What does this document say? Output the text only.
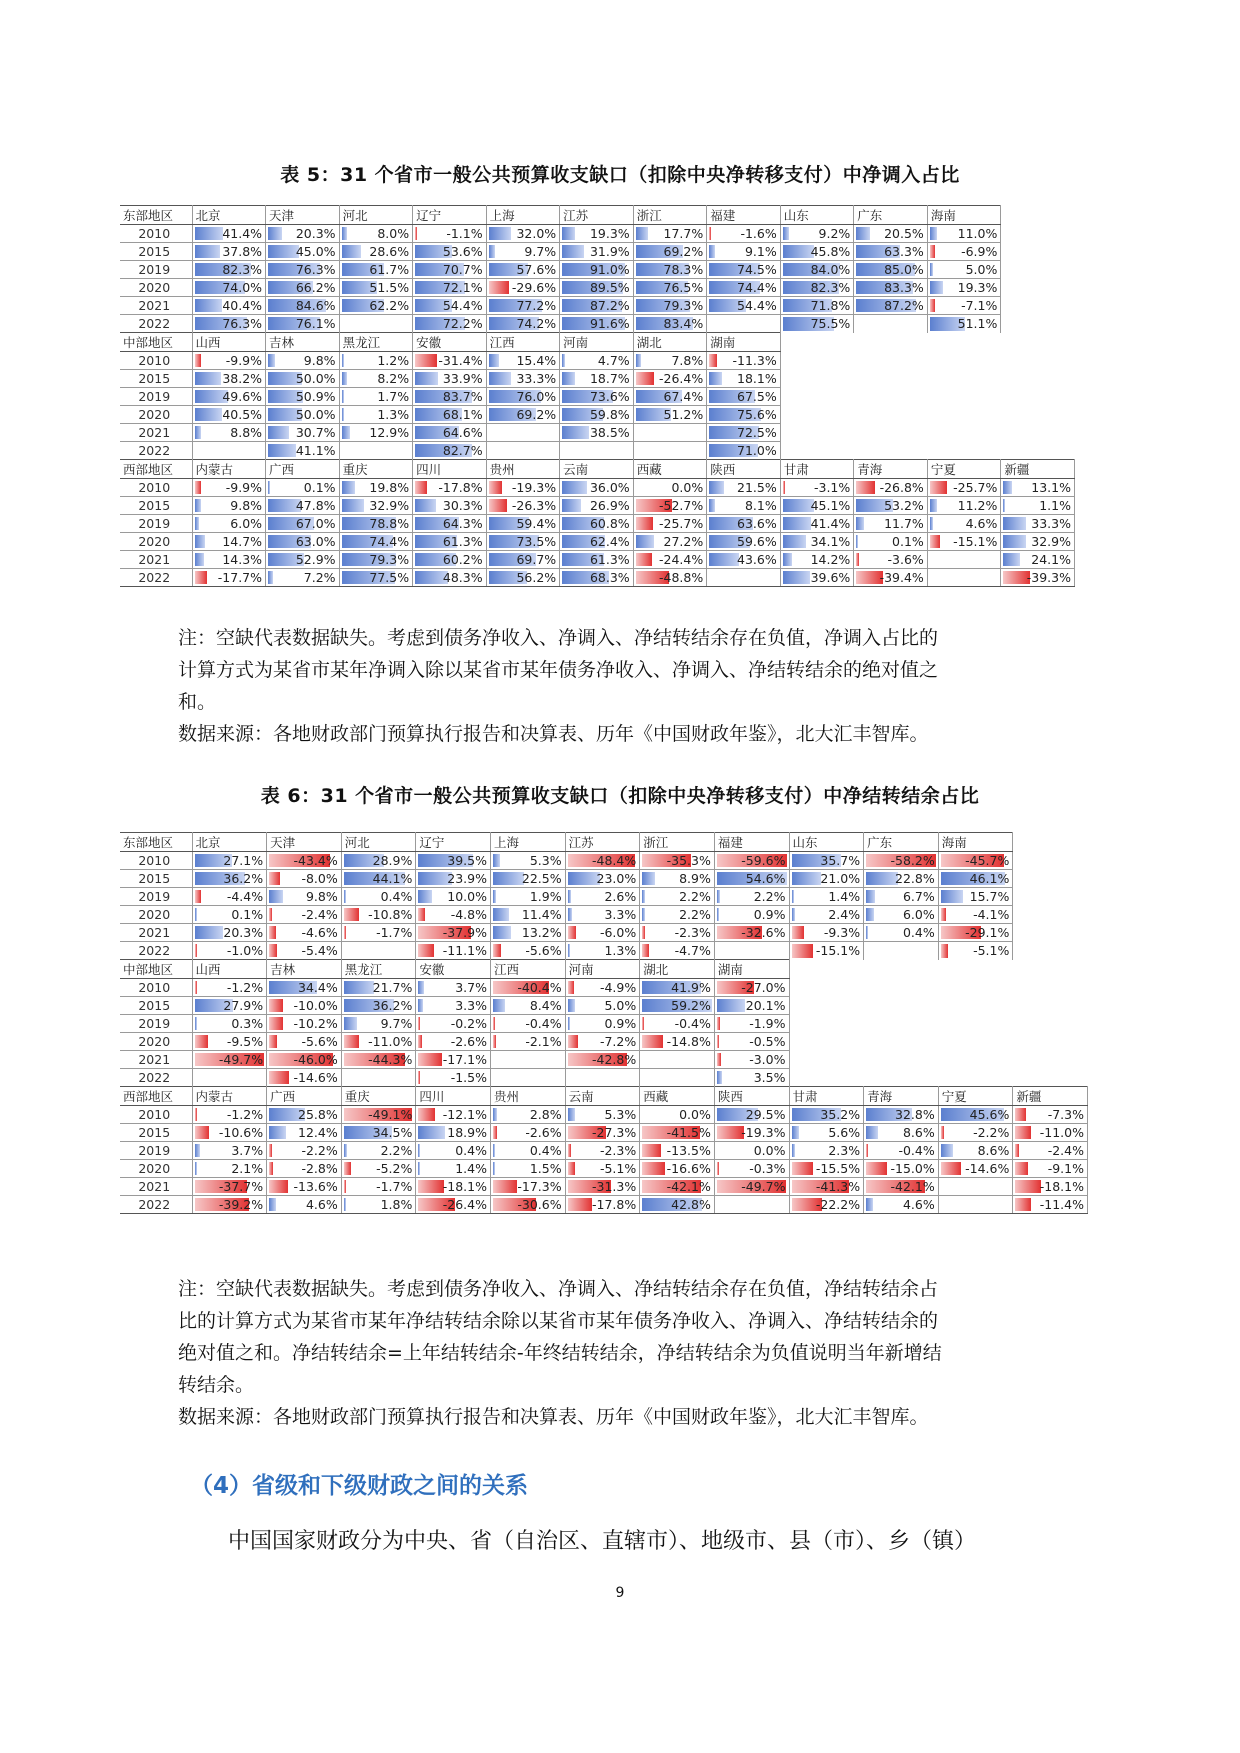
表 5：31 个省市一般公共预算收支缺口（扣除中央净转移支付）中净调入占比
东部地区	北京	天津	河北	辽宁	上海	江苏	浙江	福建	山东	广东	海南	
2010	41.4%	20.3%	8.0%	-1.1%	32.0%	19.3%	17.7%	-1.6%	9.2%	20.5%	11.0%	
2015	37.8%	45.0%	28.6%	53.6%	9.7%	31.9%	69.2%	9.1%	45.8%	63.3%	-6.9%	
2019	82.3%	76.3%	61.7%	70.7%	57.6%	91.0%	78.3%	74.5%	84.0%	85.0%	5.0%	
2020	74.0%	66.2%	51.5%	72.1%	-29.6%	89.5%	76.5%	74.4%	82.3%	83.3%	19.3%	
2021	40.4%	84.6%	62.2%	54.4%	77.2%	87.2%	79.3%	54.4%	71.8%	87.2%	-7.1%	
2022	76.3%	76.1%		72.2%	74.2%	91.6%	83.4%		75.5%		51.1%	
中部地区	山西	吉林	黑龙江	安徽	江西	河南	湖北	湖南				
2010	-9.9%	9.8%	1.2%	-31.4%	15.4%	4.7%	7.8%	-11.3%				
2015	38.2%	50.0%	8.2%	33.9%	33.3%	18.7%	-26.4%	18.1%				
2019	49.6%	50.9%	1.7%	83.7%	76.0%	73.6%	67.4%	67.5%				
2020	40.5%	50.0%	1.3%	68.1%	69.2%	59.8%	51.2%	75.6%				
2021	8.8%	30.7%	12.9%	64.6%		38.5%		72.5%				
2022		41.1%		82.7%				71.0%				
西部地区	内蒙古	广西	重庆	四川	贵州	云南	西藏	陕西	甘肃	青海	宁夏	新疆
2010	-9.9%	0.1%	19.8%	-17.8%	-19.3%	36.0%	0.0%	21.5%	-3.1%	-26.8%	-25.7%	13.1%
2015	9.8%	47.8%	32.9%	30.3%	-26.3%	26.9%	-52.7%	8.1%	45.1%	53.2%	11.2%	1.1%
2019	6.0%	67.0%	78.8%	64.3%	59.4%	60.8%	-25.7%	63.6%	41.4%	11.7%	4.6%	33.3%
2020	14.7%	63.0%	74.4%	61.3%	73.5%	62.4%	27.2%	59.6%	34.1%	0.1%	-15.1%	32.9%
2021	14.3%	52.9%	79.3%	60.2%	69.7%	61.3%	-24.4%	43.6%	14.2%	-3.6%		24.1%
2022	-17.7%	7.2%	77.5%	48.3%	56.2%	68.3%	-48.8%		39.6%	-39.4%		-39.3%
注：空缺代表数据缺失。考虑到债务净收入、净调入、净结转结余存在负值，净调入占比的
计算方式为某省市某年净调入除以某省市某年债务净收入、净调入、净结转结余的绝对值之
和。
数据来源：各地财政部门预算执行报告和决算表、历年《中国财政年鉴》，北大汇丰智库。
表 6：31 个省市一般公共预算收支缺口（扣除中央净转移支付）中净结转结余占比
东部地区	北京	天津	河北	辽宁	上海	江苏	浙江	福建	山东	广东	海南	
2010	27.1%	-43.4%	28.9%	39.5%	5.3%	-48.4%	-35.3%	-59.6%	35.7%	-58.2%	-45.7%	
2015	36.2%	-8.0%	44.1%	23.9%	22.5%	23.0%	8.9%	54.6%	21.0%	22.8%	46.1%	
2019	-4.4%	9.8%	0.4%	10.0%	1.9%	2.6%	2.2%	2.2%	1.4%	6.7%	15.7%	
2020	0.1%	-2.4%	-10.8%	-4.8%	11.4%	3.3%	2.2%	0.9%	2.4%	6.0%	-4.1%	
2021	20.3%	-4.6%	-1.7%	-37.9%	13.2%	-6.0%	-2.3%	-32.6%	-9.3%	0.4%	-29.1%	
2022	-1.0%	-5.4%		-11.1%	-5.6%	1.3%	-4.7%		-15.1%		-5.1%	
中部地区	山西	吉林	黑龙江	安徽	江西	河南	湖北	湖南				
2010	-1.2%	34.4%	21.7%	3.7%	-40.4%	-4.9%	41.9%	-27.0%				
2015	27.9%	-10.0%	36.2%	3.3%	8.4%	5.0%	59.2%	20.1%				
2019	0.3%	-10.2%	9.7%	-0.2%	-0.4%	0.9%	-0.4%	-1.9%				
2020	-9.5%	-5.6%	-11.0%	-2.6%	-2.1%	-7.2%	-14.8%	-0.5%				
2021	-49.7%	-46.0%	-44.3%	-17.1%		-42.8%		-3.0%				
2022		-14.6%		-1.5%				3.5%				
西部地区	内蒙古	广西	重庆	四川	贵州	云南	西藏	陕西	甘肃	青海	宁夏	新疆
2010	-1.2%	25.8%	-49.1%	-12.1%	2.8%	5.3%	0.0%	29.5%	35.2%	32.8%	45.6%	-7.3%
2015	-10.6%	12.4%	34.5%	18.9%	-2.6%	-27.3%	-41.5%	-19.3%	5.6%	8.6%	-2.2%	-11.0%
2019	3.7%	-2.2%	2.2%	0.4%	0.4%	-2.3%	-13.5%	0.0%	2.3%	-0.4%	8.6%	-2.4%
2020	2.1%	-2.8%	-5.2%	1.4%	1.5%	-5.1%	-16.6%	-0.3%	-15.5%	-15.0%	-14.6%	-9.1%
2021	-37.7%	-13.6%	-1.7%	-18.1%	-17.3%	-31.3%	-42.1%	-49.7%	-41.3%	-42.1%		-18.1%
2022	-39.2%	4.6%	1.8%	-26.4%	-30.6%	-17.8%	42.8%		-22.2%	4.6%		-11.4%
注：空缺代表数据缺失。考虑到债务净收入、净调入、净结转结余存在负值，净结转结余占
比的计算方式为某省市某年净结转结余除以某省市某年债务净收入、净调入、净结转结余的
绝对值之和。净结转结余=上年结转结余-年终结转结余，净结转结余为负值说明当年新增结
转结余。
数据来源：各地财政部门预算执行报告和决算表、历年《中国财政年鉴》，北大汇丰智库。
（4）省级和下级财政之间的关系
中国国家财政分为中央、省（自治区、直辖市）、地级市、县（市）、乡（镇）
9
